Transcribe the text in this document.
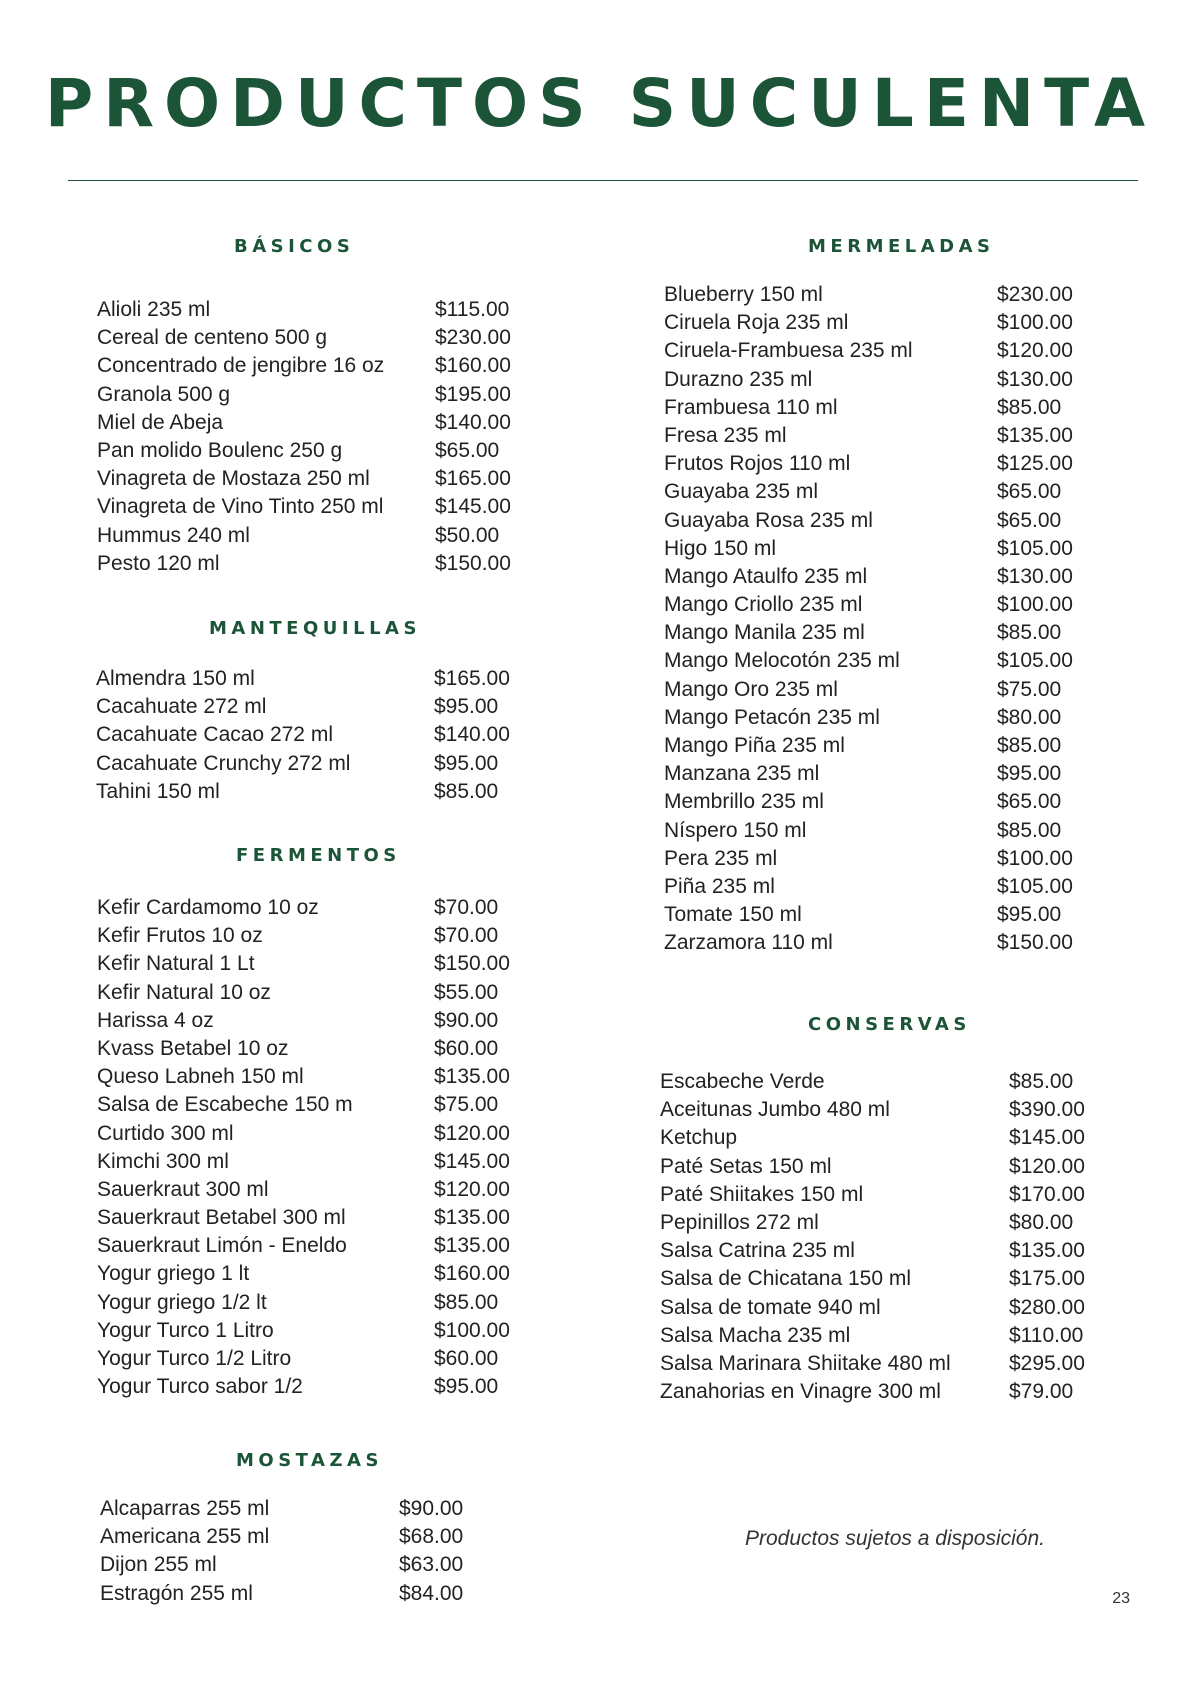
PRODUCTOS SUCULENTA
BÁSICOS
Alioli 235 ml	$115.00
Cereal de centeno 500 g	$230.00
Concentrado de jengibre 16 oz $160.00
Granola 500 g	$195.00
Miel de Abeja	$140.00
Pan molido Boulenc 250 g	$65.00
Vinagreta de Mostaza 250 ml	$165.00
Vinagreta de Vino Tinto 250 ml $145.00
Hummus 240 ml	$50.00
Pesto 120 ml	$150.00
MANTEQUILLAS
Almendra 150 ml	$165.00
Cacahuate 272 ml	$95.00
Cacahuate Cacao 272 ml	$140.00
Cacahuate Crunchy 272 ml	$95.00
Tahini 150 ml	$85.00
FERMENTOS
Kefir Cardamomo 10 oz	$70.00
Kefir Frutos 10 oz	$70.00
Kefir Natural 1 Lt	$150.00
Kefir Natural 10 oz	$55.00
Harissa 4 oz	$90.00
Kvass Betabel 10 oz	$60.00
Queso Labneh 150 ml	$135.00
Salsa de Escabeche 150 m	$75.00
Curtido 300 ml	$120.00
Kimchi 300 ml	$145.00
Sauerkraut 300 ml	$120.00
Sauerkraut Betabel 300 ml	$135.00
Sauerkraut Limón - Eneldo	$135.00
Yogur griego 1 lt	$160.00
Yogur griego 1/2 lt	$85.00
Yogur Turco 1 Litro	$100.00
Yogur Turco 1/2 Litro	$60.00
Yogur Turco sabor 1/2	$95.00
MOSTAZAS
Alcaparras 255 ml	$90.00
Americana 255 ml	$68.00
Dijon 255 ml	$63.00
Estragón 255 ml	$84.00
MERMELADAS
Blueberry 150 ml	$230.00
Ciruela Roja 235 ml	$100.00
Ciruela-Frambuesa 235 ml	$120.00
Durazno 235 ml	$130.00
Frambuesa 110 ml	$85.00
Fresa 235 ml	$135.00
Frutos Rojos 110 ml	$125.00
Guayaba 235 ml	$65.00
Guayaba Rosa 235 ml	$65.00
Higo 150 ml	$105.00
Mango Ataulfo 235 ml	$130.00
Mango Criollo 235 ml	$100.00
Mango Manila 235 ml	$85.00
Mango Melocotón 235 ml	$105.00
Mango Oro 235 ml	$75.00
Mango Petacón 235 ml	$80.00
Mango Piña 235 ml	$85.00
Manzana 235 ml	$95.00
Membrillo 235 ml	$65.00
Níspero 150 ml	$85.00
Pera 235 ml	$100.00
Piña 235 ml	$105.00
Tomate 150 ml	$95.00
Zarzamora 110 ml	$150.00
CONSERVAS
Escabeche Verde	$85.00
Aceitunas Jumbo 480 ml	$390.00
Ketchup	$145.00
Paté Setas 150 ml	$120.00
Paté Shiitakes 150 ml	$170.00
Pepinillos 272 ml	$80.00
Salsa Catrina 235 ml	$135.00
Salsa de Chicatana 150 ml	$175.00
Salsa de tomate 940 ml	$280.00
Salsa Macha 235 ml	$110.00
Salsa Marinara Shiitake 480 ml	$295.00
Zanahorias en Vinagre 300 ml	$79.00
Productos sujetos a disposición.
23
